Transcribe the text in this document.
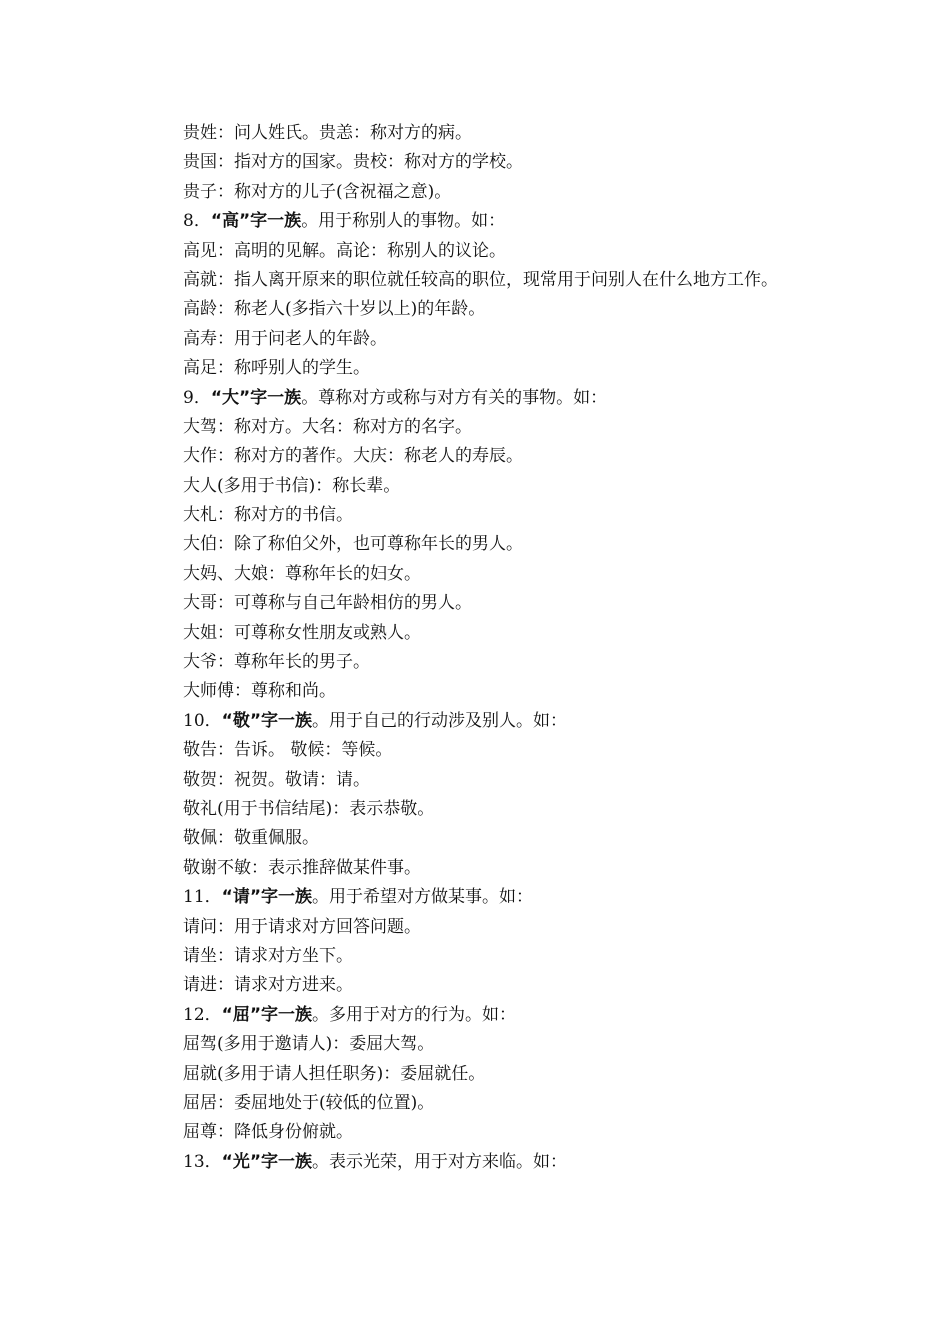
贵姓：问人姓氏。贵恙：称对方的病。
贵国：指对方的国家。贵校：称对方的学校。
贵子：称对方的儿子(含祝福之意)。
8．“高”字一族。用于称别人的事物。如：
高见：高明的见解。高论：称别人的议论。
高就：指人离开原来的职位就任较高的职位，现常用于问别人在什么地方工作。
高龄：称老人(多指六十岁以上)的年龄。
高寿：用于问老人的年龄。
高足：称呼别人的学生。
9．“大”字一族。尊称对方或称与对方有关的事物。如：
大驾：称对方。大名：称对方的名字。
大作：称对方的著作。大庆：称老人的寿辰。
大人(多用于书信)：称长辈。
大札：称对方的书信。
大伯：除了称伯父外，也可尊称年长的男人。
大妈、大娘：尊称年长的妇女。
大哥：可尊称与自己年龄相仿的男人。
大姐：可尊称女性朋友或熟人。
大爷：尊称年长的男子。
大师傅：尊称和尚。
10．“敬”字一族。用于自己的行动涉及别人。如：
敬告：告诉。 敬候：等候。
敬贺：祝贺。敬请：请。
敬礼(用于书信结尾)：表示恭敬。
敬佩：敬重佩服。
敬谢不敏：表示推辞做某件事。
11．“请”字一族。用于希望对方做某事。如：
请问：用于请求对方回答问题。
请坐：请求对方坐下。
请进：请求对方进来。
12．“屈”字一族。多用于对方的行为。如：
屈驾(多用于邀请人)：委屈大驾。
屈就(多用于请人担任职务)：委屈就任。
屈居：委屈地处于(较低的位置)。
屈尊：降低身份俯就。
13．“光”字一族。表示光荣，用于对方来临。如：
